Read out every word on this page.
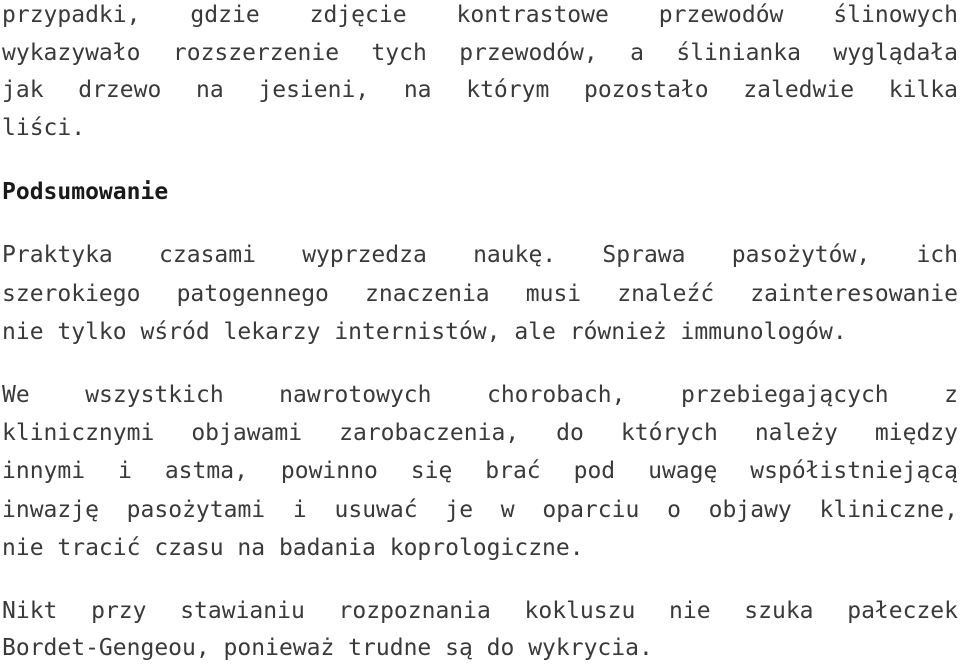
przypadki, gdzie zdjęcie kontrastowe przewodów ślinowych
wykazywało rozszerzenie tych przewodów, a ślinianka wyglądała
jak drzewo na jesieni, na którym pozostało zaledwie kilka
liści.
Podsumowanie
Praktyka czasami wyprzedza naukę. Sprawa pasożytów, ich
szerokiego patogennego znaczenia musi znaleźć zainteresowanie
nie tylko wśród lekarzy internistów, ale również immunologów.
We wszystkich nawrotowych chorobach, przebiegających z
klinicznymi objawami zarobaczenia, do których należy między
innymi i astma, powinno się brać pod uwagę współistniejącą
inwazję pasożytami i usuwać je w oparciu o objawy kliniczne,
nie tracić czasu na badania koprologiczne.
Nikt przy stawianiu rozpoznania kokluszu nie szuka pałeczek
Bordet-Gengeou, ponieważ trudne są do wykrycia.
